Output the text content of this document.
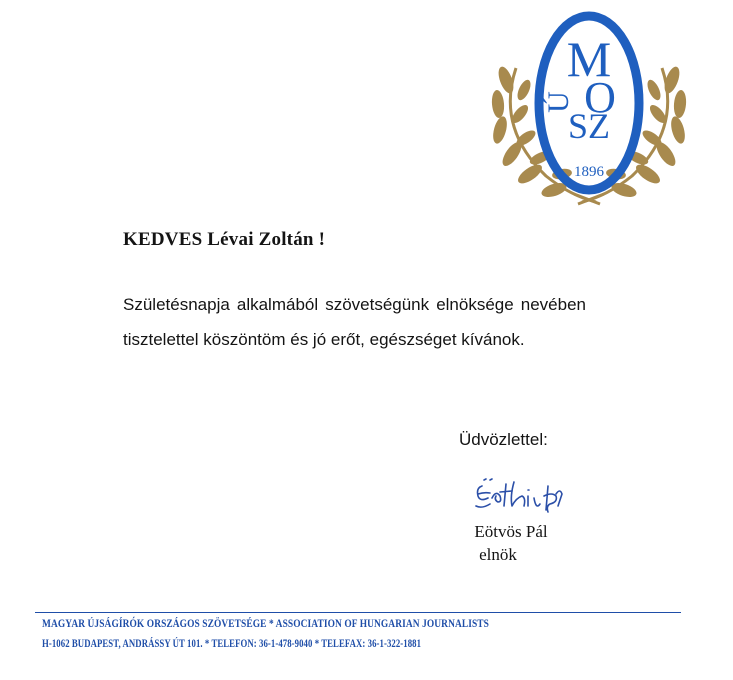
M
Ú O
SZ
1896
KEDVES Lévai Zoltán !
Születésnapja alkalmából szövetségünk elnöksége nevében tisztelettel köszöntöm és jó erőt, egészséget kívánok.
Üdvözlettel:
Eötvös Pál
elnök
MAGYAR ÚJSÁGÍRÓK ORSZÁGOS SZÖVETSÉGE * ASSOCIATION OF HUNGARIAN JOURNALISTS
H-1062 BUDAPEST, ANDRÁSSY ÚT 101. * TELEFON: 36-1-478-9040 * TELEFAX: 36-1-322-1881
